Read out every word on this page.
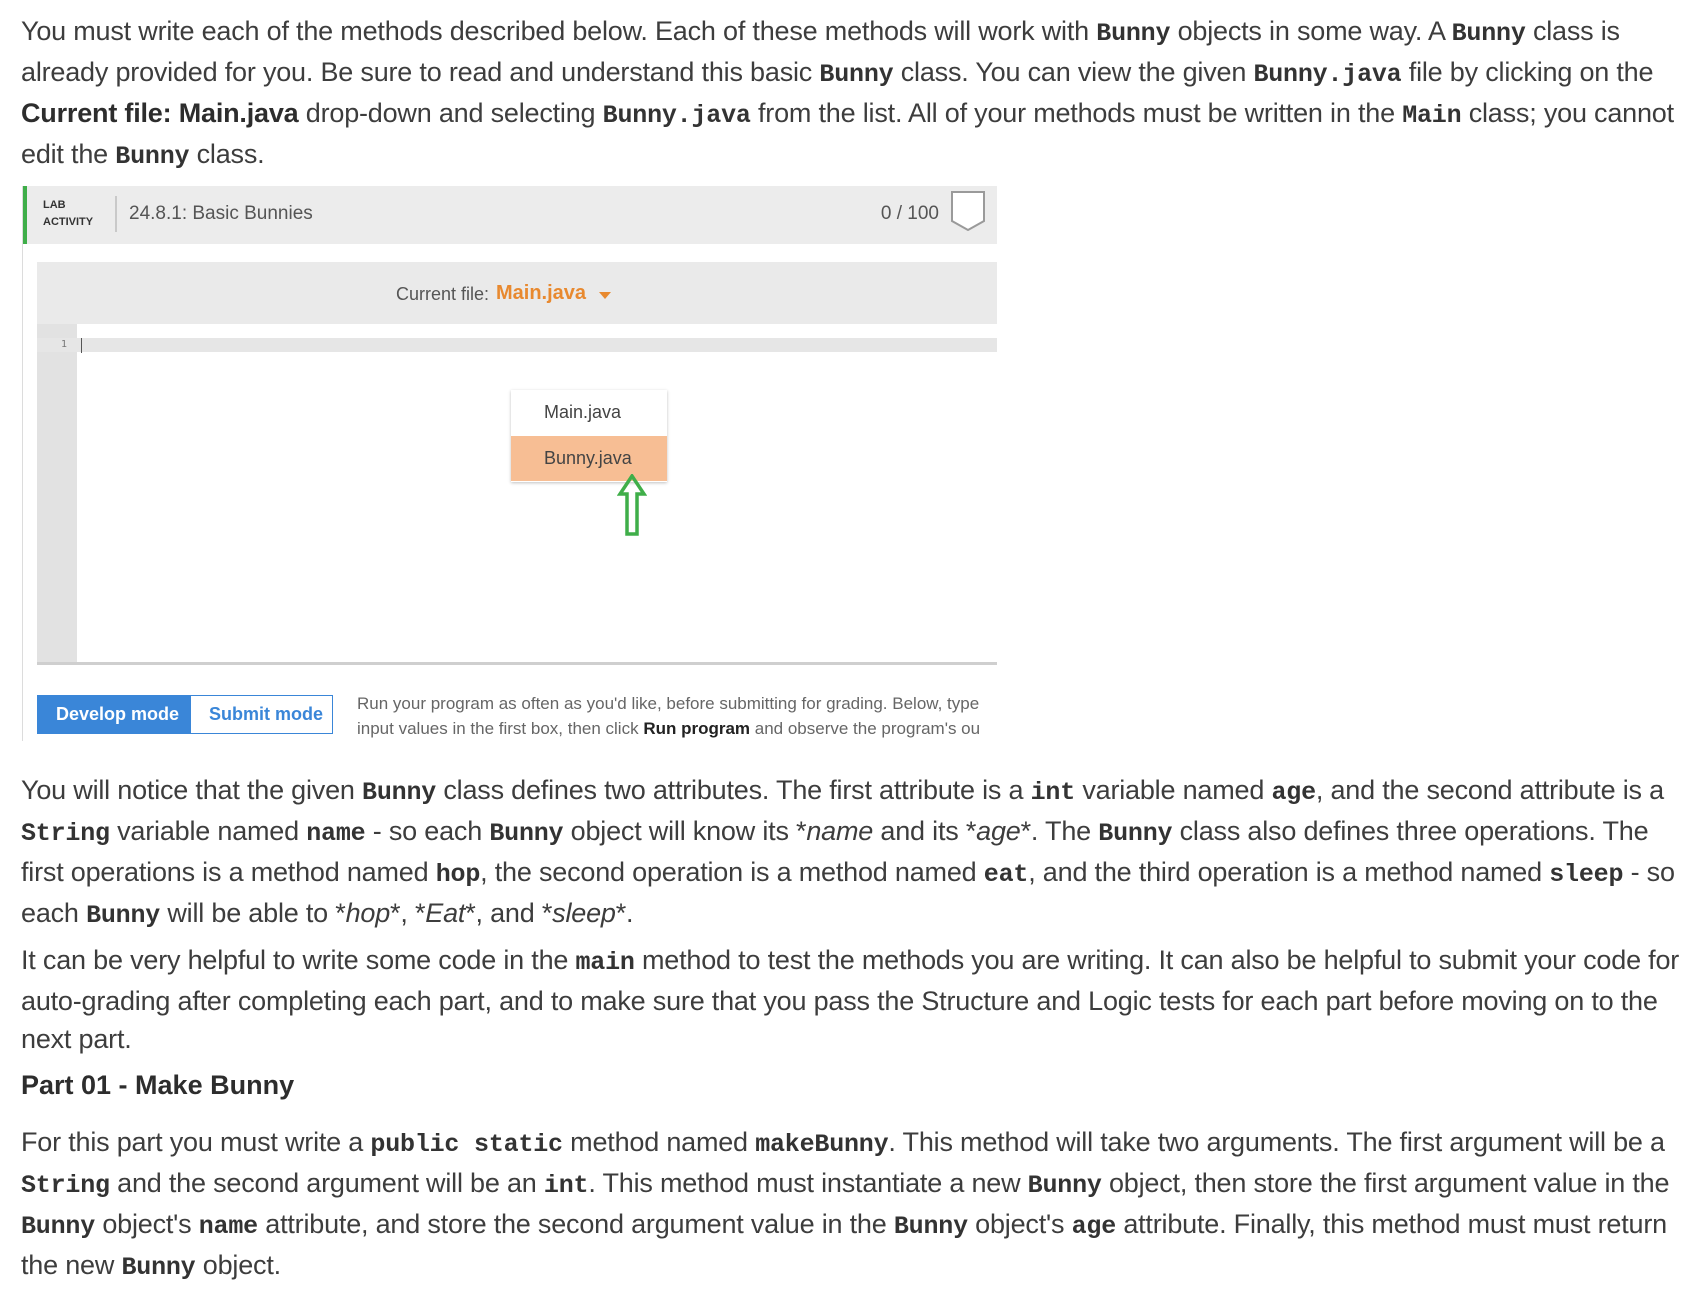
You must write each of the methods described below. Each of these methods will work with Bunny objects in some way. A Bunny class is already provided for you. Be sure to read and understand this basic Bunny class. You can view the given Bunny.java file by clicking on the Current file: Main.java drop-down and selecting Bunny.java from the list. All of your methods must be written in the Main class; you cannot edit the Bunny class.

LAB
ACTIVITY 24.8.1: Basic Bunnies	0 / 100
Current file: Main.java
1
Main.java
Bunny.java
Develop mode Submit mode
Run your program as often as you'd like, before submitting for grading. Below, type
input values in the first box, then click Run program and observe the program's ou

You will notice that the given Bunny class defines two attributes. The first attribute is a int variable named age, and the second attribute is a String variable named name - so each Bunny object will know its *name and its *age*. The Bunny class also defines three operations. The first operations is a method named hop, the second operation is a method named eat, and the third operation is a method named sleep - so each Bunny will be able to *hop*, *Eat*, and *sleep*.

It can be very helpful to write some code in the main method to test the methods you are writing. It can also be helpful to submit your code for auto-grading after completing each part, and to make sure that you pass the Structure and Logic tests for each part before moving on to the next part.

Part 01 - Make Bunny

For this part you must write a public static method named makeBunny. This method will take two arguments. The first argument will be a String and the second argument will be an int. This method must instantiate a new Bunny object, then store the first argument value in the Bunny object's name attribute, and store the second argument value in the Bunny object's age attribute. Finally, this method must must return the new Bunny object.
